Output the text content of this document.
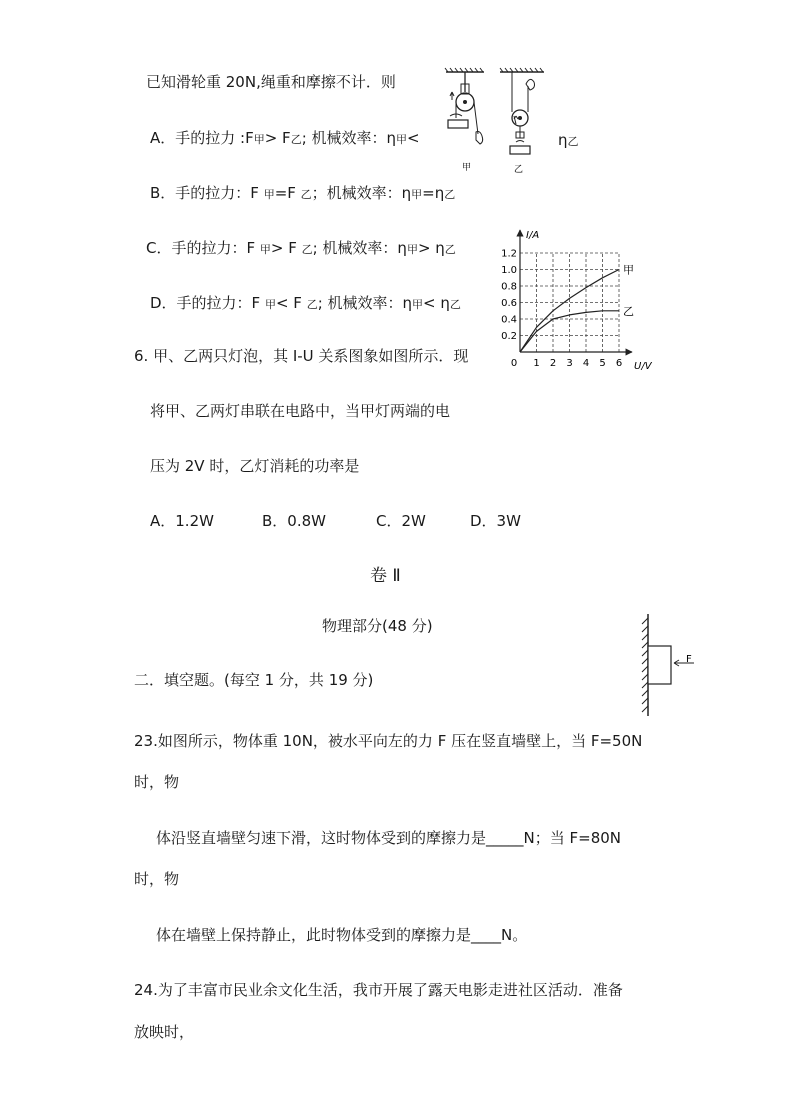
已知滑轮重 20N,绳重和摩擦不计．则
A．手的拉力 :F甲> F乙; 机械效率：η甲<	η乙
B．手的拉力：F 甲=F 乙；机械效率：η甲=η乙
C．手的拉力：F 甲> F 乙; 机械效率：η甲> η乙
D．手的拉力：F 甲< F 乙; 机械效率：η甲< η乙
甲	乙
I/A
U/V
0 1 2 3 4 5 6
0.2
0.4
0.6
0.8
1.0
1.2
甲
乙
6. 甲、乙两只灯泡，其 I-U 关系图象如图所示．现
将甲、乙两灯串联在电路中，当甲灯两端的电
压为 2V 时，乙灯消耗的功率是
A．1.2W	B．0.8W	C．2W	D．3W
卷 Ⅱ
物理部分(48 分)
二．填空题。(每空 1 分，共 19 分)
F
23.如图所示，物体重 10N，被水平向左的力 F 压在竖直墙壁上，当 F=50N
时，物
体沿竖直墙壁匀速下滑，这时物体受到的摩擦力是_____N；当 F=80N
时，物
体在墙壁上保持静止，此时物体受到的摩擦力是____N。
24.为了丰富市民业余文化生活，我市开展了露天电影走进社区活动．准备
放映时，
